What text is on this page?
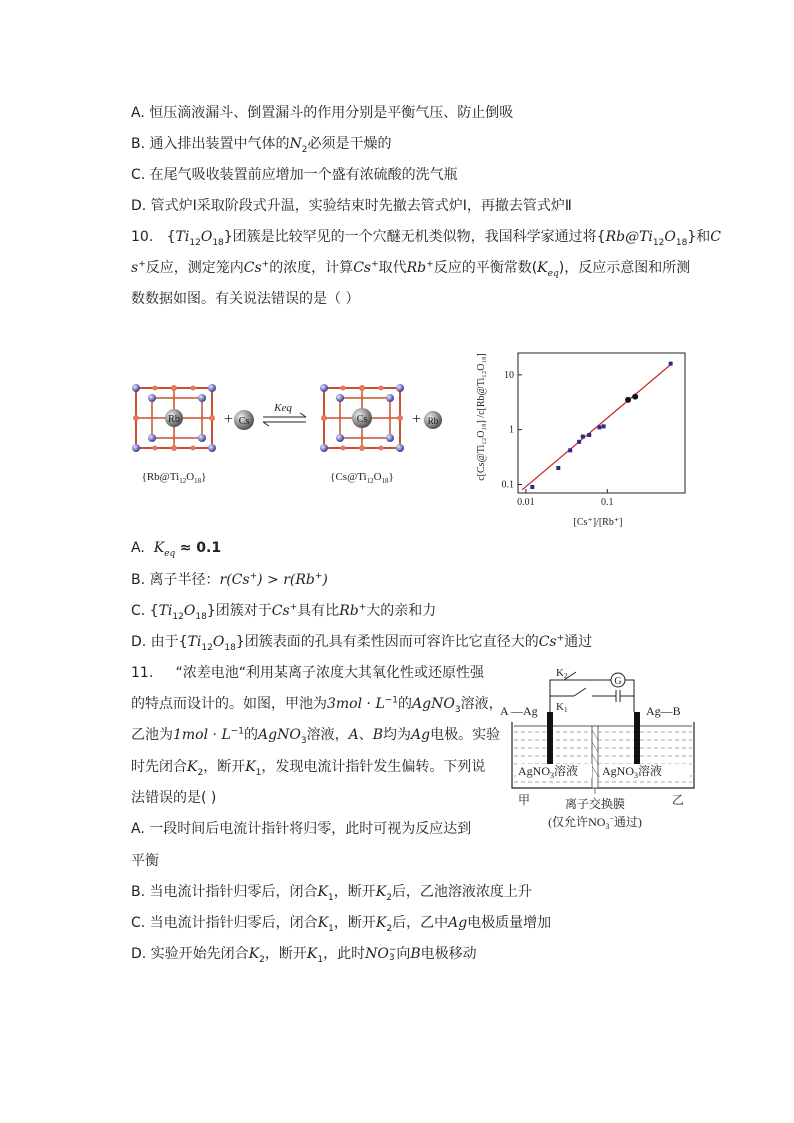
A. 恒压滴液漏斗、倒置漏斗的作用分别是平衡气压、防止倒吸
B. 通入排出装置中气体的$N_2$必须是干燥的
C. 在尾气吸收装置前应增加一个盛有浓硫酸的洗气瓶
D. 管式炉Ⅰ采取阶段式升温，实验结束时先撤去管式炉Ⅰ，再撤去管式炉Ⅱ
10. $\{Ti_{12}O_{18}\}$团簇是比较罕见的一个穴醚无机类似物，我国科学家通过将$\{Rb@Ti_{12}O_{18}\}$和C
s+反应，测定笼内Cs+的浓度，计算Cs+取代Rb+反应的平衡常数$(K_{eq})$，反应示意图和所测
数数据如图。有关说法错误的是（ ）
Rb	+ Cs
Keq
Cs	+ Rb
$\{Rb@Ti_{12}O_{18}\}$	$\{Cs@Ti_{12}O_{18}\}$	c[Cs@Ti₁₂O₁₈] /c[Rb@Ti₁₂O₁₈]
[Cs⁺]/[Rb⁺]
0.01	0.1
0.1
1
10
A. $K_{eq} \approx 0.1$
B. 离子半径：r(Cs+) > r(Rb+)
C. $\{Ti_{12}O_{18}\}$团簇对于Cs+具有比Rb+大的亲和力
D. 由于$\{Ti_{12}O_{18}\}$团簇表面的孔具有柔性因而可容许比它直径大的Cs+通过
11. “浓差电池“利用某离子浓度大其氧化性或还原性强
的特点而设计的。如图，甲池为$3mol \cdot L^{-1}$的AgNO$_3$溶液，
乙池为$1mol \cdot L^{-1}$的AgNO$_3$溶液，A、B均为Ag电极。实验
时先闭合$K_2$，断开$K_1$，发现电流计指针发生偏转。下列说
法错误的是( )
A. 一段时间后电流计指针将归零，此时可视为反应达到
平衡
B. 当电流计指针归零后，闭合$K_1$，断开$K_2$后，乙池溶液浓度上升
C. 当电流计指针归零后，闭合$K_1$，断开$K_2$后，乙中Ag电极质量增加
D. 实验开始先闭合$K_2$，断开$K_1$，此时NO−
3 向B电极移动
K2	G
K1
A —Ag	Ag—B
AgNO$_3$溶液 AgNO$_3$溶液
甲	乙
离子交换膜
(仅允许$NO_3^-$通过)
